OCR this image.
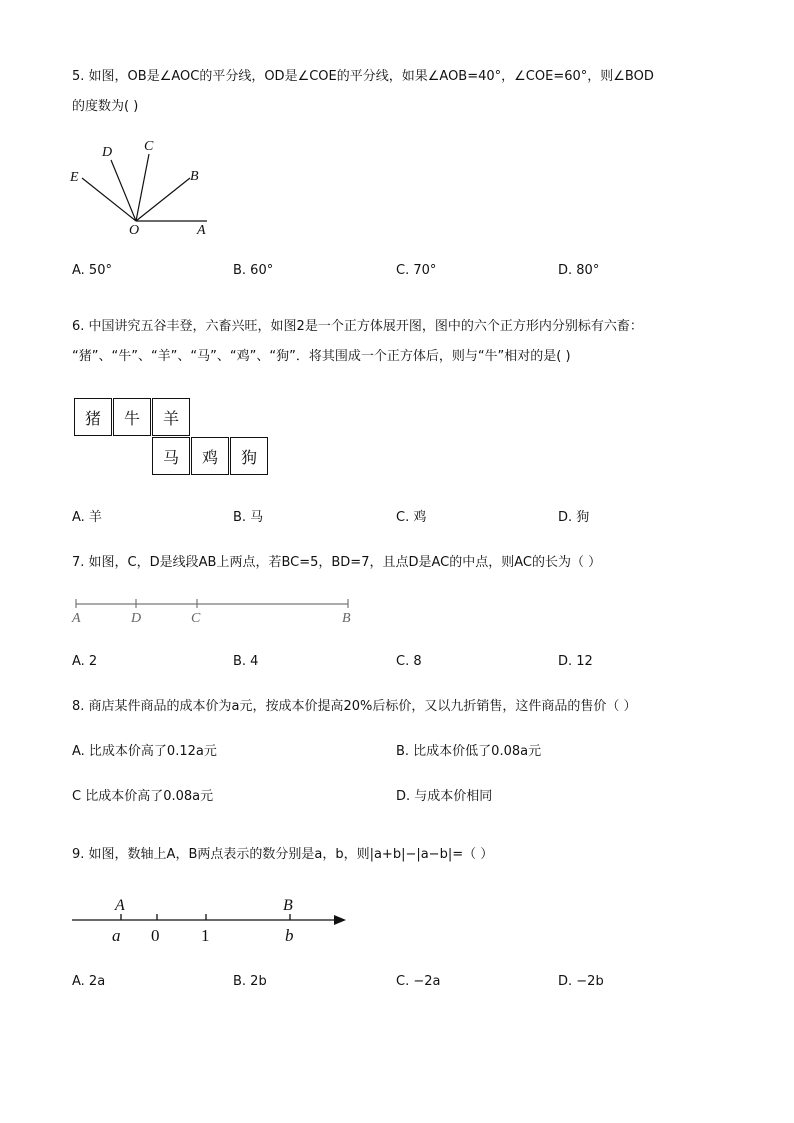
5. 如图，OB是∠AOC的平分线，OD是∠COE的平分线，如果∠AOB=40°，∠COE=60°，则∠BOD
的度数为( )
D C
B
E
O	A
A. 50°	B. 60°	C. 70°	D. 80°
6. 中国讲究五谷丰登，六畜兴旺，如图2是一个正方体展开图，图中的六个正方形内分别标有六畜：
“猪”、“牛”、“羊”、“马”、“鸡”、“狗”．将其围成一个正方体后，则与“牛”相对的是( )
猪	牛	羊
马	鸡	狗
A. 羊	B. 马	C. 鸡	D. 狗
7. 如图，C，D是线段AB上两点，若BC=5，BD=7，且点D是AC的中点，则AC的长为（ ）
A	D	C	B
A. 2	B. 4	C. 8	D. 12
8. 商店某件商品的成本价为a元，按成本价提高20%后标价，又以九折销售，这件商品的售价（ ）
A. 比成本价高了0.12a元	B. 比成本价低了0.08a元
C 比成本价高了0.08a元	D. 与成本价相同
9. 如图，数轴上A，B两点表示的数分别是a，b，则|a+b|−|a−b|=（ ）
A	B
a 0 1	b
A. 2a	B. 2b	C. −2a	D. −2b
